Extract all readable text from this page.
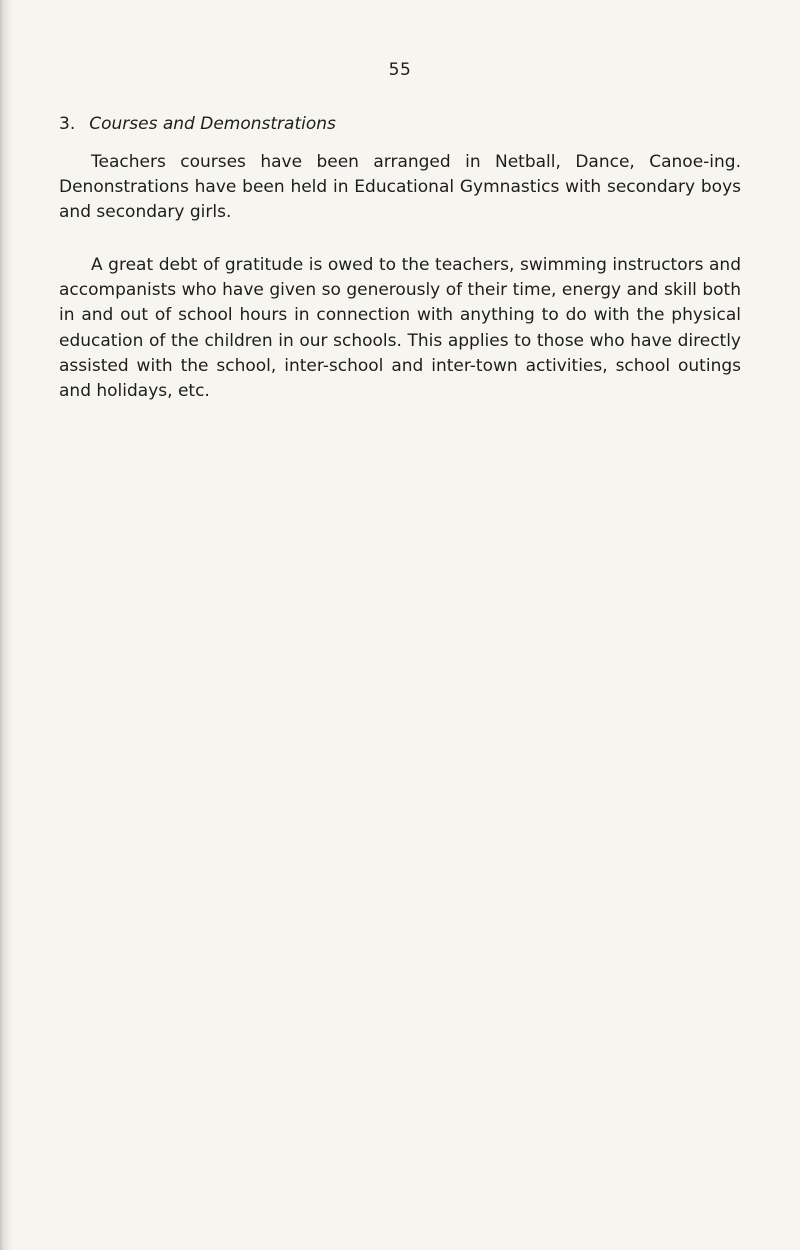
55
3. Courses and Demonstrations

Teachers courses have been arranged in Netball, Dance, Canoe-ing. Denonstrations have been held in Educational Gymnastics with secondary boys and secondary girls.

A great debt of gratitude is owed to the teachers, swimming instructors and accompanists who have given so generously of their time, energy and skill both in and out of school hours in connection with anything to do with the physical education of the children in our schools. This applies to those who have directly assisted with the school, inter-school and inter-town activities, school outings and holidays, etc.
